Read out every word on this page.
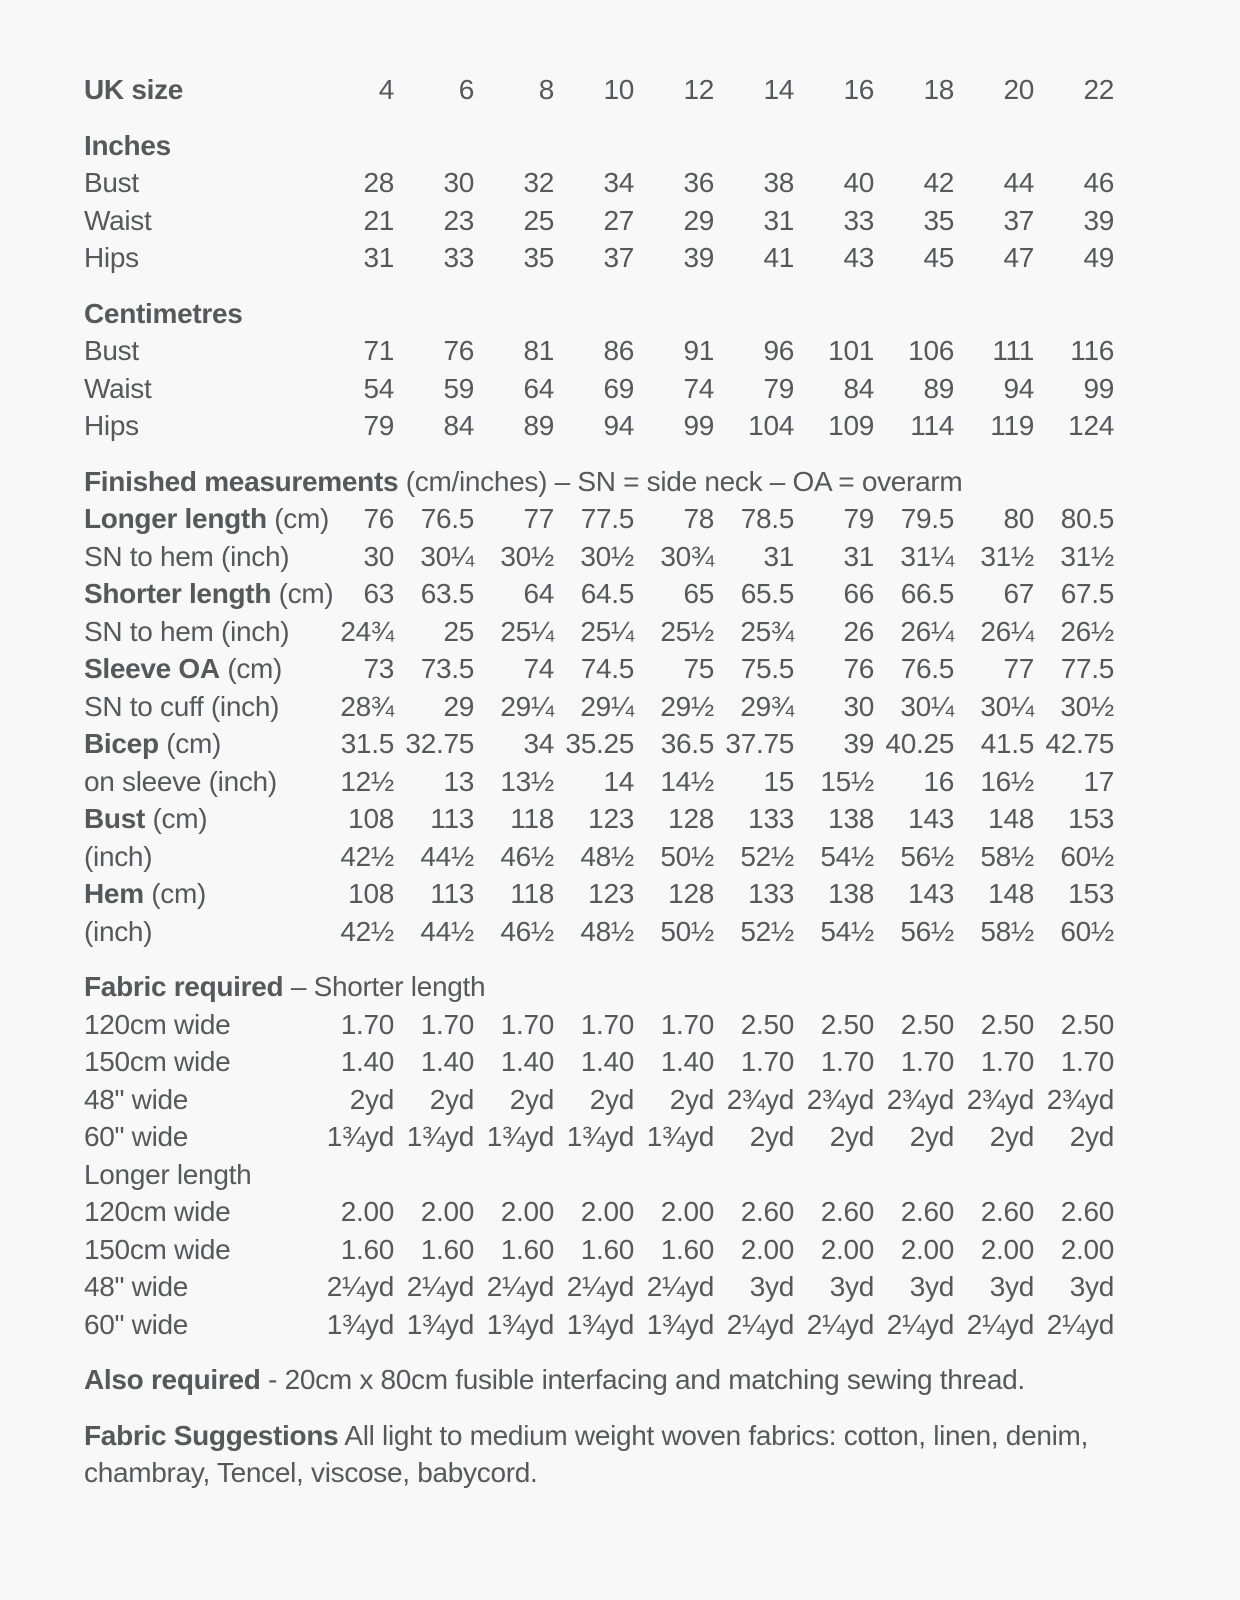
UK size	4	6	8	10	12	14	16	18	20	22
Inches										
Bust	28	30	32	34	36	38	40	42	44	46
Waist	21	23	25	27	29	31	33	35	37	39
Hips	31	33	35	37	39	41	43	45	47	49
Centimetres										
Bust	71	76	81	86	91	96	101	106	111	116
Waist	54	59	64	69	74	79	84	89	94	99
Hips	79	84	89	94	99	104	109	114	119	124
Finished measurements (cm/inches) – SN = side neck – OA = overarm
Longer length (cm)	76	76.5	77	77.5	78	78.5	79	79.5	80	80.5
SN to hem (inch)	30	30¼	30½	30½	30¾	31	31	31¼	31½	31½
Shorter length (cm)	63	63.5	64	64.5	65	65.5	66	66.5	67	67.5
SN to hem (inch)	24¾	25	25¼	25¼	25½	25¾	26	26¼	26¼	26½
Sleeve OA (cm)	73	73.5	74	74.5	75	75.5	76	76.5	77	77.5
SN to cuff (inch)	28¾	29	29¼	29¼	29½	29¾	30	30¼	30¼	30½
Bicep (cm)	31.5	32.75	34	35.25	36.5	37.75	39	40.25	41.5	42.75
on sleeve (inch)	12½	13	13½	14	14½	15	15½	16	16½	17
Bust (cm)	108	113	118	123	128	133	138	143	148	153
(inch)	42½	44½	46½	48½	50½	52½	54½	56½	58½	60½
Hem (cm)	108	113	118	123	128	133	138	143	148	153
(inch)	42½	44½	46½	48½	50½	52½	54½	56½	58½	60½
Fabric required – Shorter length
120cm wide	1.70	1.70	1.70	1.70	1.70	2.50	2.50	2.50	2.50	2.50
150cm wide	1.40	1.40	1.40	1.40	1.40	1.70	1.70	1.70	1.70	1.70
48" wide	2yd	2yd	2yd	2yd	2yd	2¾yd	2¾yd	2¾yd	2¾yd	2¾yd
60" wide	1¾yd	1¾yd	1¾yd	1¾yd	1¾yd	2yd	2yd	2yd	2yd	2yd
Longer length										
120cm wide	2.00	2.00	2.00	2.00	2.00	2.60	2.60	2.60	2.60	2.60
150cm wide	1.60	1.60	1.60	1.60	1.60	2.00	2.00	2.00	2.00	2.00
48" wide	2¼yd	2¼yd	2¼yd	2¼yd	2¼yd	3yd	3yd	3yd	3yd	3yd
60" wide	1¾yd	1¾yd	1¾yd	1¾yd	1¾yd	2¼yd	2¼yd	2¼yd	2¼yd	2¼yd

Also required - 20cm x 80cm fusible interfacing and matching sewing thread.

Fabric Suggestions All light to medium weight woven fabrics: cotton, linen, denim, chambray, Tencel, viscose, babycord.
